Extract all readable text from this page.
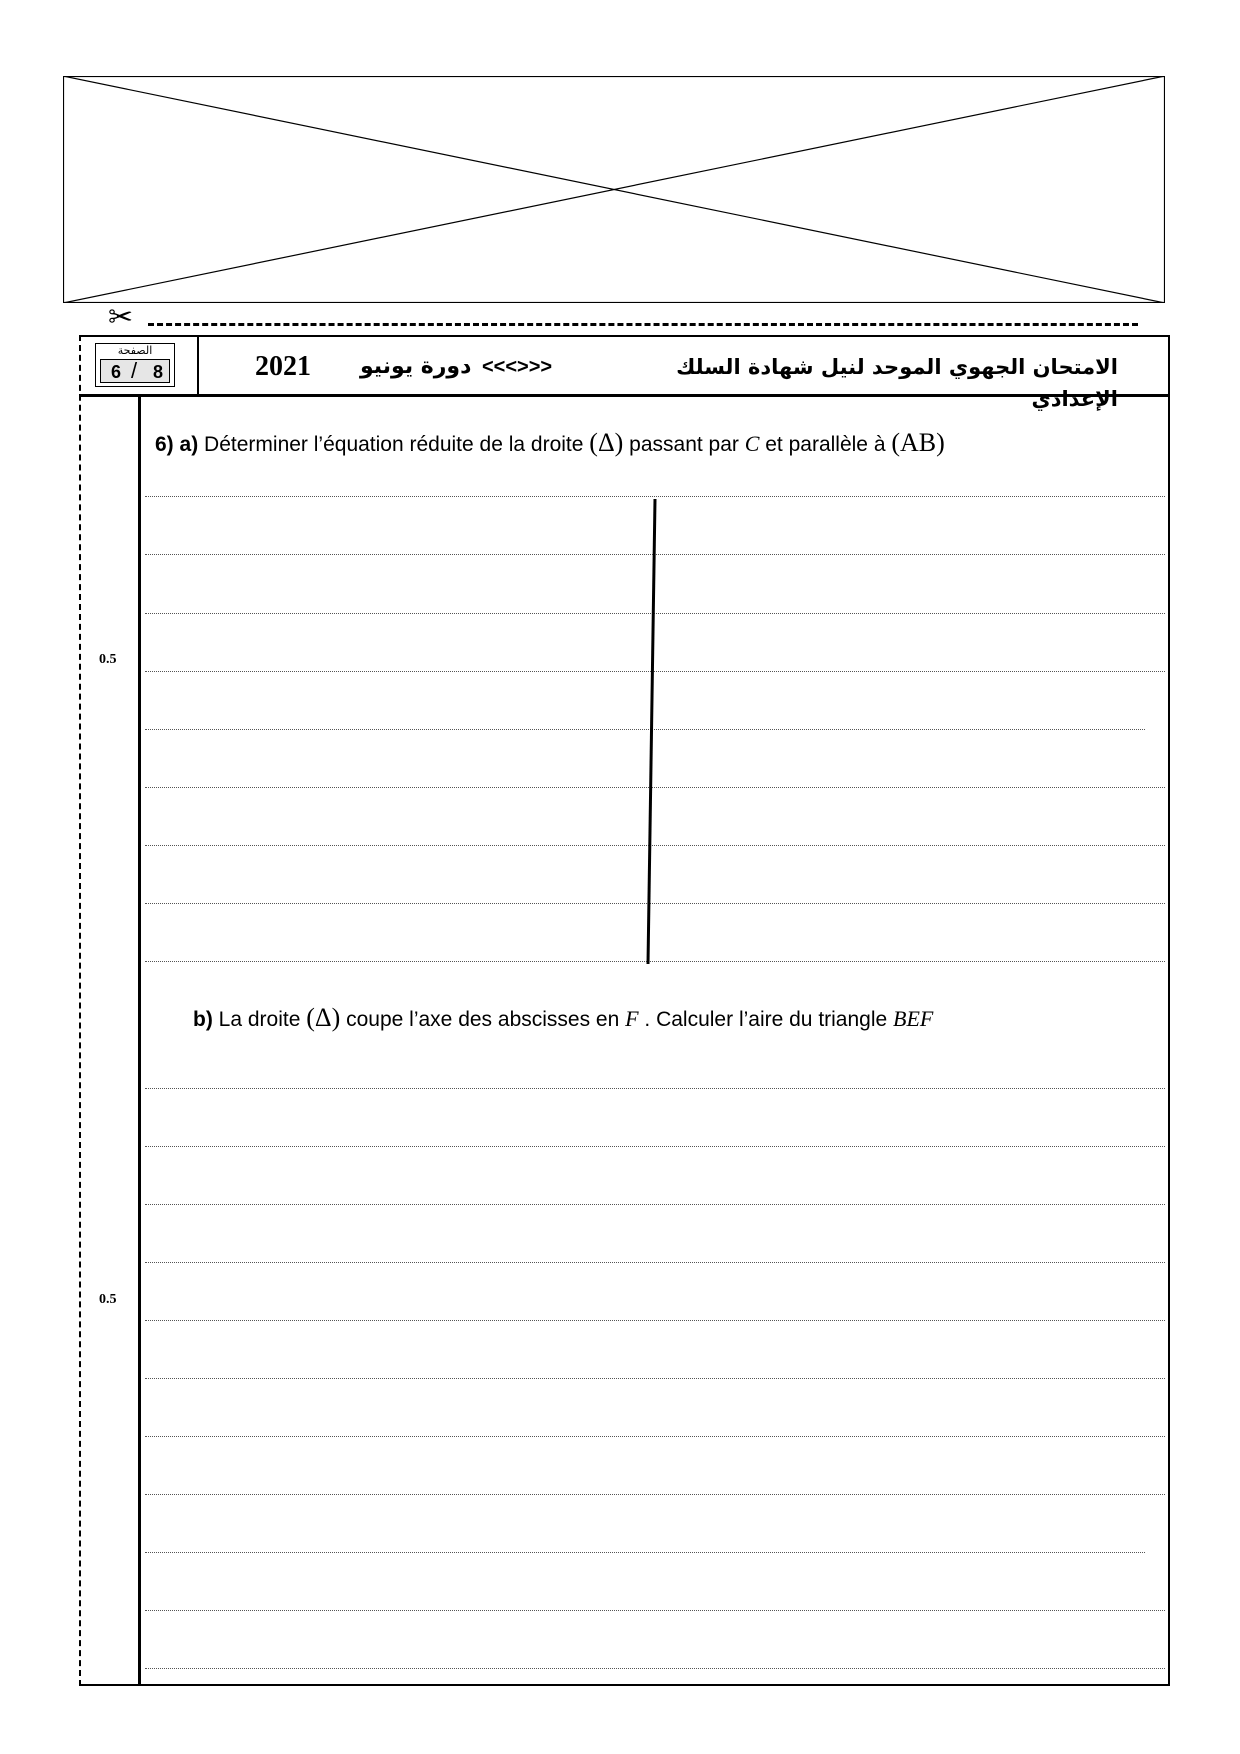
✂
الصفحة
6 / 8	2021 دورة يونيو <<<>>>	الامتحان الجهوي الموحد لنيل شهادة السلك الإعدادي
6) a) Déterminer l’équation réduite de la droite (Δ) passant par C et parallèle à (AB)
0.5
b) La droite (Δ) coupe l’axe des abscisses en F . Calculer l’aire du triangle BEF
0.5
